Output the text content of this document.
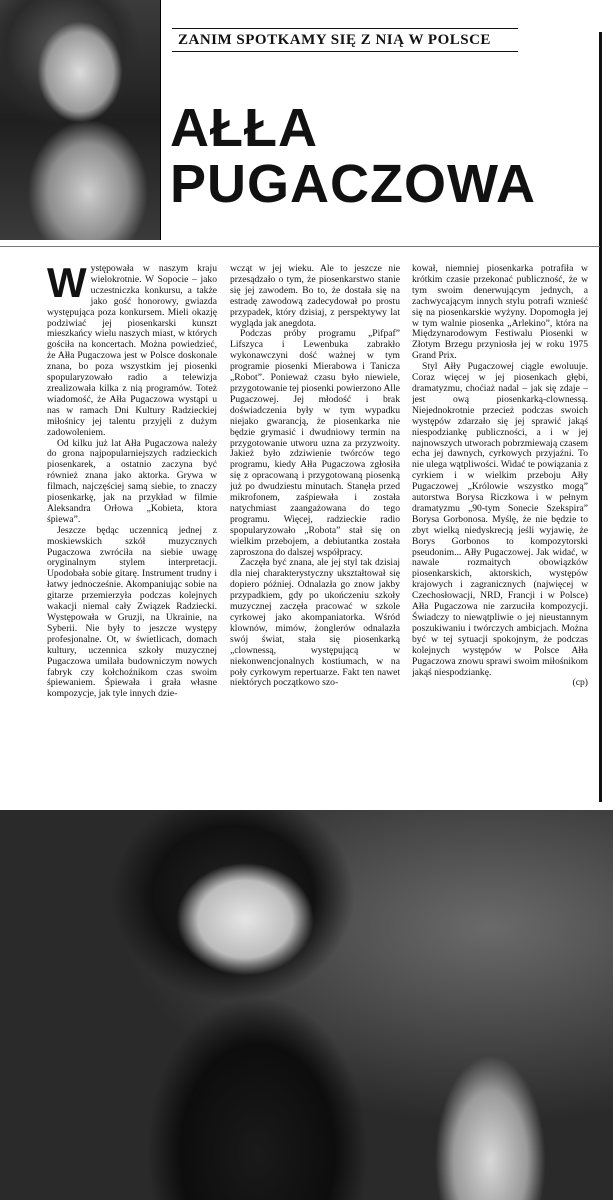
ZANIM SPOTKAMY SIĘ Z NIĄ W POLSCE
AŁŁA
PUGACZOWA

Występowała w naszym kraju wielokrotnie. W Sopocie – jako uczestniczka konkursu, a także jako gość honorowy, gwiazda występująca poza konkursem. Mieli okazję podziwiać jej piosenkarski kunszt mieszkańcy wielu naszych miast, w których gościła na koncertach. Można powiedzieć, że Ałła Pugaczowa jest w Polsce doskonale znana, bo poza wszystkim jej piosenki spopularyzowało radio a telewizja zrealizowała kilka z nią programów. Toteż wiadomość, że Ałła Pugaczowa wystąpi u nas w ramach Dni Kultury Radzieckiej miłośnicy jej talentu przyjęli z dużym zadowoleniem.

Od kilku już lat Ałła Pugaczowa należy do grona najpopularniejszych radzieckich piosenkarek, a ostatnio zaczyna być również znana jako aktorka. Grywa w filmach, najczęściej samą siebie, to znaczy piosenkarkę, jak na przykład w filmie Aleksandra Orłowa „Kobieta, ktora śpiewa”.

Jeszcze będąc uczennicą jednej z moskiewskich szkół muzycznych Pugaczowa zwróciła na siebie uwagę oryginalnym stylem interpretacji. Upodobała sobie gitarę. Instrument trudny i łatwy jednocześnie. Akompaniując sobie na gitarze przemierzyła podczas kolejnych wakacji niemal cały Związek Radziecki. Występowała w Gruzji, na Ukrainie, na Syberii. Nie były to jeszcze występy profesjonalne. Ot, w świetlicach, domach kultury, uczennica szkoły muzycznej Pugaczowa umilała budowniczym nowych fabryk czy kołchoźnikom czas swoim śpiewaniem. Śpiewała i grała własne kompozycje, jak tyle innych dzie-

wcząt w jej wieku. Ale to jeszcze nie przesądzało o tym, że piosenkarstwo stanie się jej zawodem. Bo to, że dostała się na estradę zawodową zadecydował po prostu przypadek, który dzisiaj, z perspektywy lat wygląda jak anegdota.

Podczas próby programu „Pifpaf” Lifszyca i Lewenbuka zabrakło wykonawczyni dość ważnej w tym programie piosenki Mierabowa i Tanicza „Robot”. Ponieważ czasu było niewiele, przygotowanie tej piosenki powierzono Alle Pugaczowej. Jej młodość i brak doświadczenia były w tym wypadku niejako gwarancją, że piosenkarka nie będzie grymasić i dwudniowy termin na przygotowanie utworu uzna za przyzwoity. Jakież było zdziwienie twórców tego programu, kiedy Ałła Pugaczowa zgłosiła się z opracowaną i przygotowaną piosenką już po dwudziestu minutach. Stanęła przed mikrofonem, zaśpiewała i została natychmiast zaangażowana do tego programu. Więcej, radzieckie radio spopularyzowało „Robota” stał się on wielkim przebojem, a debiutantka została zaproszona do dalszej współpracy.

Zaczęła być znana, ale jej styl tak dzisiaj dla niej charakterystyczny ukształtował się dopiero później. Odnalazła go znow jakby przypadkiem, gdy po ukończeniu szkoły muzycznej zaczęła pracować w szkole cyrkowej jako akompaniatorka. Wśród klownów, mimów, żonglerów odnalazła swój świat, stała się piosenkarką „clownessą, występującą w niekonwencjonalnych kostiumach, w na poły cyrkowym repertuarze. Fakt ten nawet niektórych początkowo szo-

kował, niemniej piosenkarka potrafiła w krótkim czasie przekonać publiczność, że w tym swoim denerwującym jednych, a zachwycającym innych stylu potrafi wznieść się na piosenkarskie wyżyny. Dopomogła jej w tym walnie piosenka „Arlekino”, która na Międzynarodowym Festiwalu Piosenki w Złotym Brzegu przyniosła jej w roku 1975 Grand Prix.

Styl Ałły Pugaczowej ciągle ewoluuje. Coraz więcej w jej piosenkach głębi, dramatyzmu, choćiaż nadal – jak się zdaje – jest ową piosenkarką-clownessą. Niejednokrotnie przecież podczas swoich występów zdarzało się jej sprawić jakąś niespodziankę publiczności, a i w jej najnowszych utworach pobrzmiewają czasem echa jej dawnych, cyrkowych przyjaźni. To nie ulega wątpliwości. Widać te powiązania z cyrkiem i w wielkim przeboju Ałły Pugaczowej „Królowie wszystko mogą” autorstwa Borysa Riczkowa i w pełnym dramatyzmu „90-tym Sonecie Szekspira” Borysa Gorbonosa. Myślę, że nie będzie to zbyt wielką niedyskrecją jeśli wyjawię, że Borys Gorbonos to kompozytorski pseudonim... Ałły Pugaczowej. Jak widać, w nawale rozmaitych obowiązków piosenkarskich, aktorskich, występów krajowych i zagranicznych (najwięcej w Czechosłowacji, NRD, Francji i w Polsce) Ałła Pugaczowa nie zarzuciła kompozycji. Świadczy to niewątpliwie o jej nieustannym poszukiwaniu i twórczych ambicjach. Można być w tej sytuacji spokojnym, że podczas kolejnych występów w Polsce Ałła Pugaczowa znowu sprawi swoim miłośnikom jakąś niespodziankę.

(cp)
